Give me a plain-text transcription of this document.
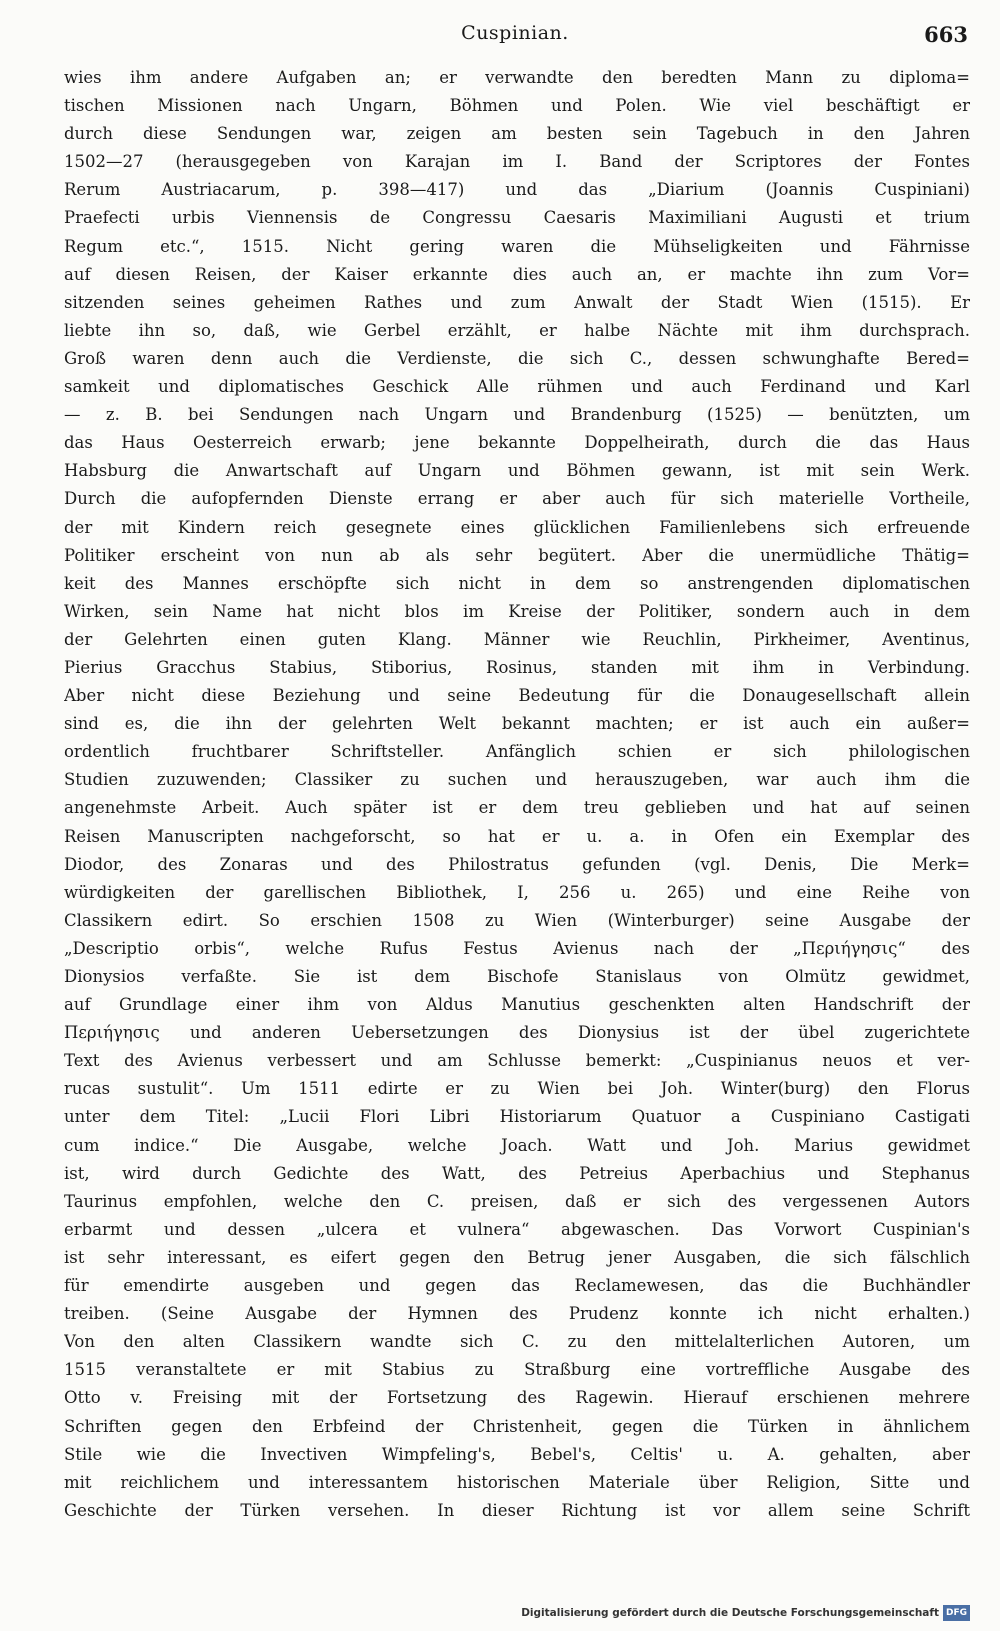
Cuspinian.	663
wies ihm andere Aufgaben an; er verwandte den beredten Mann zu diploma=
tischen Missionen nach Ungarn, Böhmen und Polen. Wie viel beschäftigt er
durch diese Sendungen war, zeigen am besten sein Tagebuch in den Jahren
1502—27 (herausgegeben von Karajan im I. Band der Scriptores der Fontes
Rerum Austriacarum, p. 398—417) und das „Diarium (Joannis Cuspiniani)
Praefecti urbis Viennensis de Congressu Caesaris Maximiliani Augusti et trium
Regum etc.“, 1515. Nicht gering waren die Mühseligkeiten und Fährnisse
auf diesen Reisen, der Kaiser erkannte dies auch an, er machte ihn zum Vor=
sitzenden seines geheimen Rathes und zum Anwalt der Stadt Wien (1515). Er
liebte ihn so, daß, wie Gerbel erzählt, er halbe Nächte mit ihm durchsprach.
Groß waren denn auch die Verdienste, die sich C., dessen schwunghafte Bered=
samkeit und diplomatisches Geschick Alle rühmen und auch Ferdinand und Karl
— z. B. bei Sendungen nach Ungarn und Brandenburg (1525) — benützten, um
das Haus Oesterreich erwarb; jene bekannte Doppelheirath, durch die das Haus
Habsburg die Anwartschaft auf Ungarn und Böhmen gewann, ist mit sein Werk.
Durch die aufopfernden Dienste errang er aber auch für sich materielle Vortheile,
der mit Kindern reich gesegnete eines glücklichen Familienlebens sich erfreuende
Politiker erscheint von nun ab als sehr begütert. Aber die unermüdliche Thätig=
keit des Mannes erschöpfte sich nicht in dem so anstrengenden diplomatischen
Wirken, sein Name hat nicht blos im Kreise der Politiker, sondern auch in dem
der Gelehrten einen guten Klang. Männer wie Reuchlin, Pirkheimer, Aventinus,
Pierius Gracchus Stabius, Stiborius, Rosinus, standen mit ihm in Verbindung.
Aber nicht diese Beziehung und seine Bedeutung für die Donaugesellschaft allein
sind es, die ihn der gelehrten Welt bekannt machten; er ist auch ein außer=
ordentlich fruchtbarer Schriftsteller. Anfänglich schien er sich philologischen
Studien zuzuwenden; Classiker zu suchen und herauszugeben, war auch ihm die
angenehmste Arbeit. Auch später ist er dem treu geblieben und hat auf seinen
Reisen Manuscripten nachgeforscht, so hat er u. a. in Ofen ein Exemplar des
Diodor, des Zonaras und des Philostratus gefunden (vgl. Denis, Die Merk=
würdigkeiten der garellischen Bibliothek, I, 256 u. 265) und eine Reihe von
Classikern edirt. So erschien 1508 zu Wien (Winterburger) seine Ausgabe der
„Descriptio orbis“, welche Rufus Festus Avienus nach der „Περιήγησις“ des
Dionysios verfaßte. Sie ist dem Bischofe Stanislaus von Olmütz gewidmet,
auf Grundlage einer ihm von Aldus Manutius geschenkten alten Handschrift der
Περιήγησις und anderen Uebersetzungen des Dionysius ist der übel zugerichtete
Text des Avienus verbessert und am Schlusse bemerkt: „Cuspinianus neuos et ver-
rucas sustulit“. Um 1511 edirte er zu Wien bei Joh. Winter(burg) den Florus
unter dem Titel: „Lucii Flori Libri Historiarum Quatuor a Cuspiniano Castigati
cum indice.“ Die Ausgabe, welche Joach. Watt und Joh. Marius gewidmet
ist, wird durch Gedichte des Watt, des Petreius Aperbachius und Stephanus
Taurinus empfohlen, welche den C. preisen, daß er sich des vergessenen Autors
erbarmt und dessen „ulcera et vulnera“ abgewaschen. Das Vorwort Cuspinian's
ist sehr interessant, es eifert gegen den Betrug jener Ausgaben, die sich fälschlich
für emendirte ausgeben und gegen das Reclamewesen, das die Buchhändler
treiben. (Seine Ausgabe der Hymnen des Prudenz konnte ich nicht erhalten.)
Von den alten Classikern wandte sich C. zu den mittelalterlichen Autoren, um
1515 veranstaltete er mit Stabius zu Straßburg eine vortreffliche Ausgabe des
Otto v. Freising mit der Fortsetzung des Ragewin. Hierauf erschienen mehrere
Schriften gegen den Erbfeind der Christenheit, gegen die Türken in ähnlichem
Stile wie die Invectiven Wimpfeling's, Bebel's, Celtis' u. A. gehalten, aber
mit reichlichem und interessantem historischen Materiale über Religion, Sitte und
Geschichte der Türken versehen. In dieser Richtung ist vor allem seine Schrift
Digitalisierung gefördert durch die Deutsche Forschungsgemeinschaft DFG
